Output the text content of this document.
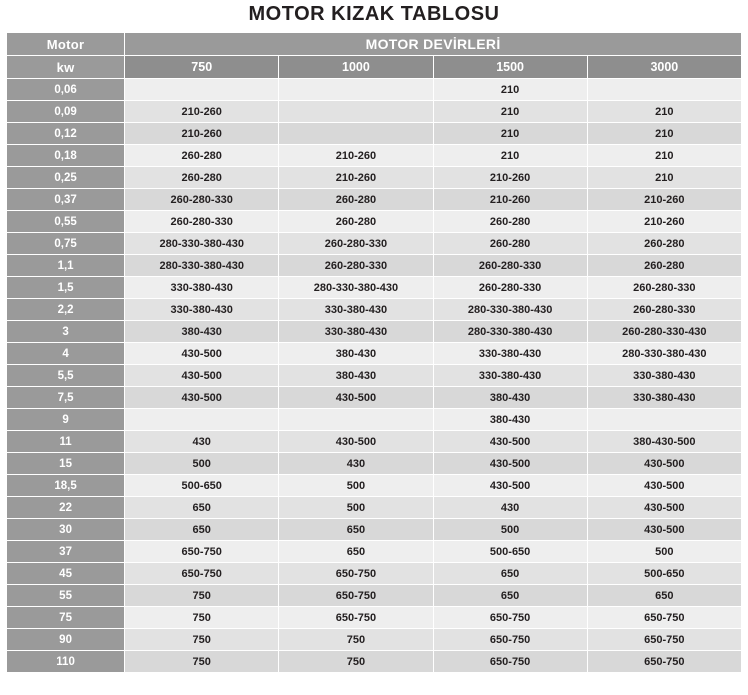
MOTOR KIZAK TABLOSU
Motor	MOTOR DEVİRLERİ			
kw	750	1000	1500	3000
0,06			210	
0,09	210-260		210	210
0,12	210-260		210	210
0,18	260-280	210-260	210	210
0,25	260-280	210-260	210-260	210
0,37	260-280-330	260-280	210-260	210-260
0,55	260-280-330	260-280	260-280	210-260
0,75	280-330-380-430	260-280-330	260-280	260-280
1,1	280-330-380-430	260-280-330	260-280-330	260-280
1,5	330-380-430	280-330-380-430	260-280-330	260-280-330
2,2	330-380-430	330-380-430	280-330-380-430	260-280-330
3	380-430	330-380-430	280-330-380-430	260-280-330-430
4	430-500	380-430	330-380-430	280-330-380-430
5,5	430-500	380-430	330-380-430	330-380-430
7,5	430-500	430-500	380-430	330-380-430
9			380-430	
11	430	430-500	430-500	380-430-500
15	500	430	430-500	430-500
18,5	500-650	500	430-500	430-500
22	650	500	430	430-500
30	650	650	500	430-500
37	650-750	650	500-650	500
45	650-750	650-750	650	500-650
55	750	650-750	650	650
75	750	650-750	650-750	650-750
90	750	750	650-750	650-750
110	750	750	650-750	650-750
